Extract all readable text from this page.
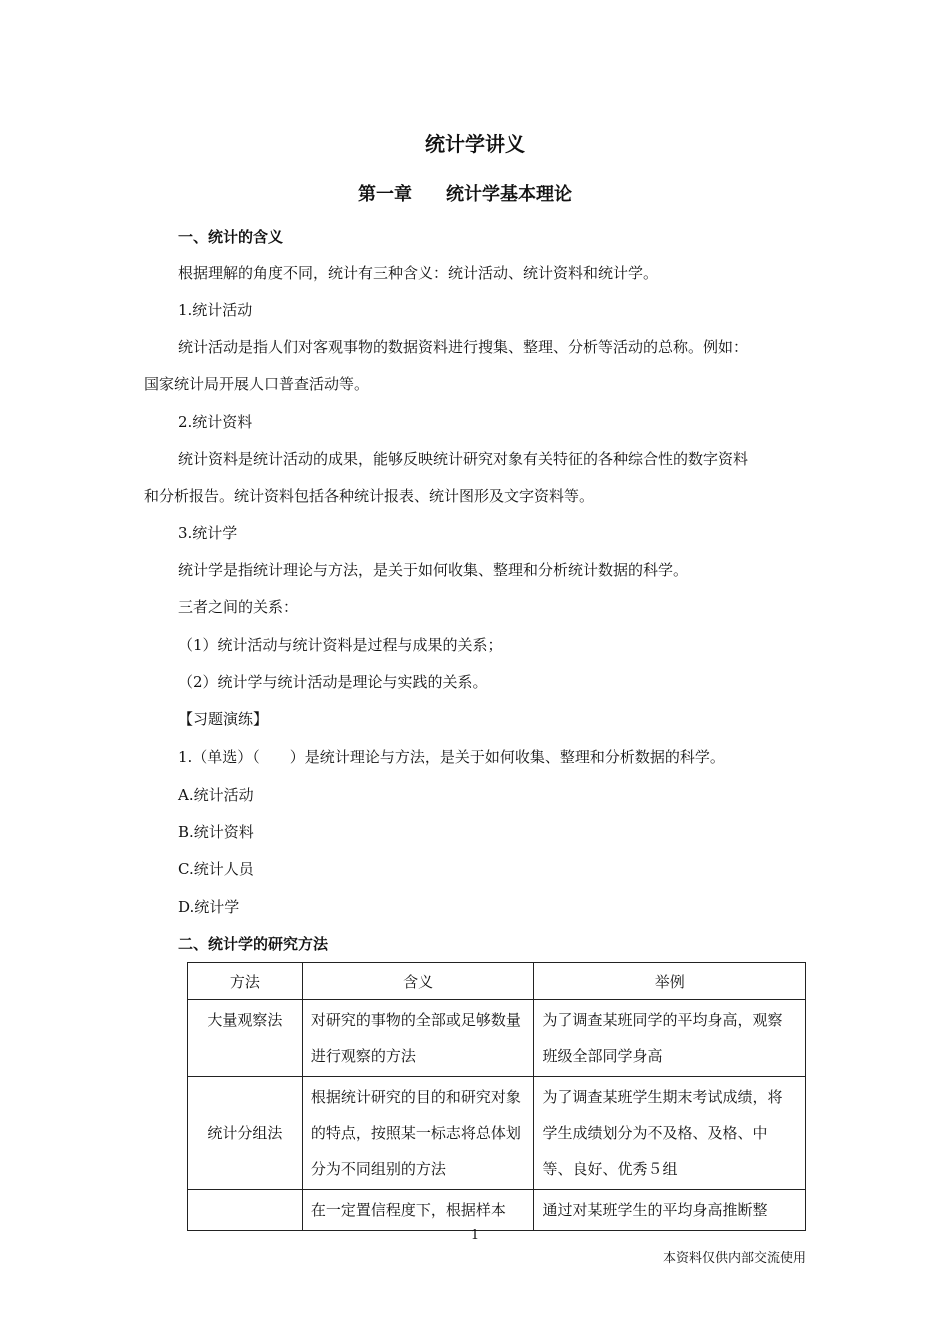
统计学讲义
第一章 统计学基本理论
一、统计的含义
根据理解的角度不同，统计有三种含义：统计活动、统计资料和统计学。
1.统计活动
统计活动是指人们对客观事物的数据资料进行搜集、整理、分析等活动的总称。例如：
国家统计局开展人口普查活动等。
2.统计资料
统计资料是统计活动的成果，能够反映统计研究对象有关特征的各种综合性的数字资料
和分析报告。统计资料包括各种统计报表、统计图形及文字资料等。
3.统计学
统计学是指统计理论与方法，是关于如何收集、整理和分析统计数据的科学。
三者之间的关系：
（1）统计活动与统计资料是过程与成果的关系；
（2）统计学与统计活动是理论与实践的关系。
【习题演练】
1.（单选）（　　）是统计理论与方法，是关于如何收集、整理和分析数据的科学。
A.统计活动
B.统计资料
C.统计人员
D.统计学
二、统计学的研究方法
方法	含义	举例
大量观察法	对研究的事物的全部或足够数量进行观察的方法	为了调查某班同学的平均身高，观察班级全部同学身高
统计分组法	根据统计研究的目的和研究对象的特点，按照某一标志将总体划分为不同组别的方法	为了调查某班学生期末考试成绩，将学生成绩划分为不及格、及格、中等、良好、优秀５组
	在一定置信程度下，根据样本	通过对某班学生的平均身高推断整
1
本资料仅供内部交流使用
